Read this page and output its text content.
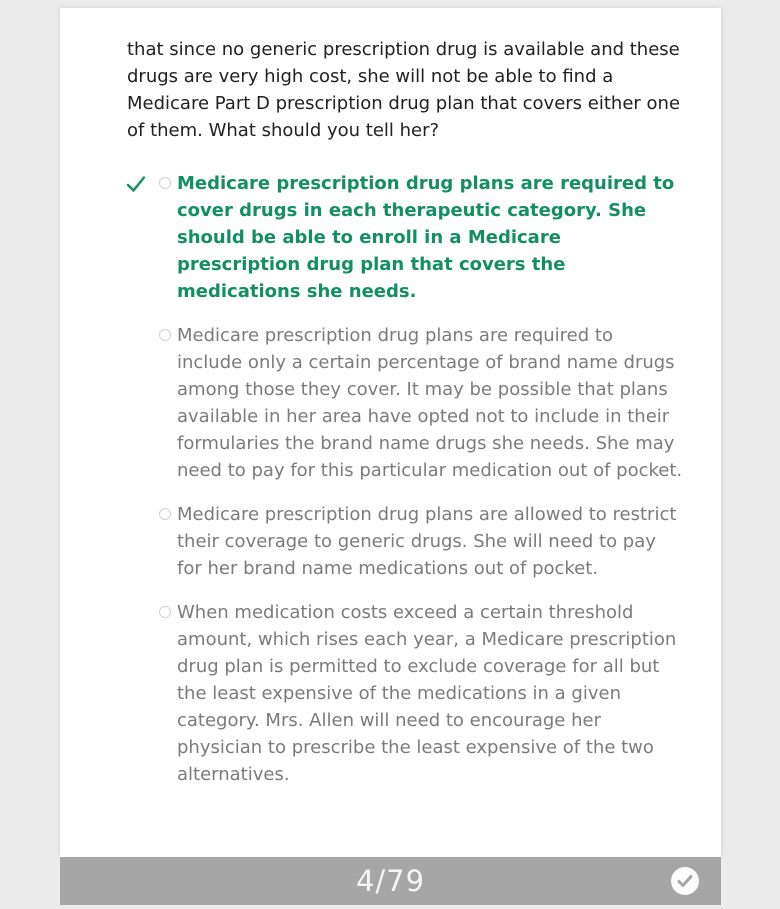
that since no generic prescription drug is available and these drugs are very high cost, she will not be able to find a Medicare Part D prescription drug plan that covers either one of them. What should you tell her?

Medicare prescription drug plans are required to cover drugs in each therapeutic category. She should be able to enroll in a Medicare prescription drug plan that covers the medications she needs.
Medicare prescription drug plans are required to include only a certain percentage of brand name drugs among those they cover. It may be possible that plans available in her area have opted not to include in their formularies the brand name drugs she needs. She may need to pay for this particular medication out of pocket.
Medicare prescription drug plans are allowed to restrict their coverage to generic drugs. She will need to pay for her brand name medications out of pocket.
When medication costs exceed a certain threshold amount, which rises each year, a Medicare prescription drug plan is permitted to exclude coverage for all but the least expensive of the medications in a given category. Mrs. Allen will need to encourage her physician to prescribe the least expensive of the two alternatives.
4/79
